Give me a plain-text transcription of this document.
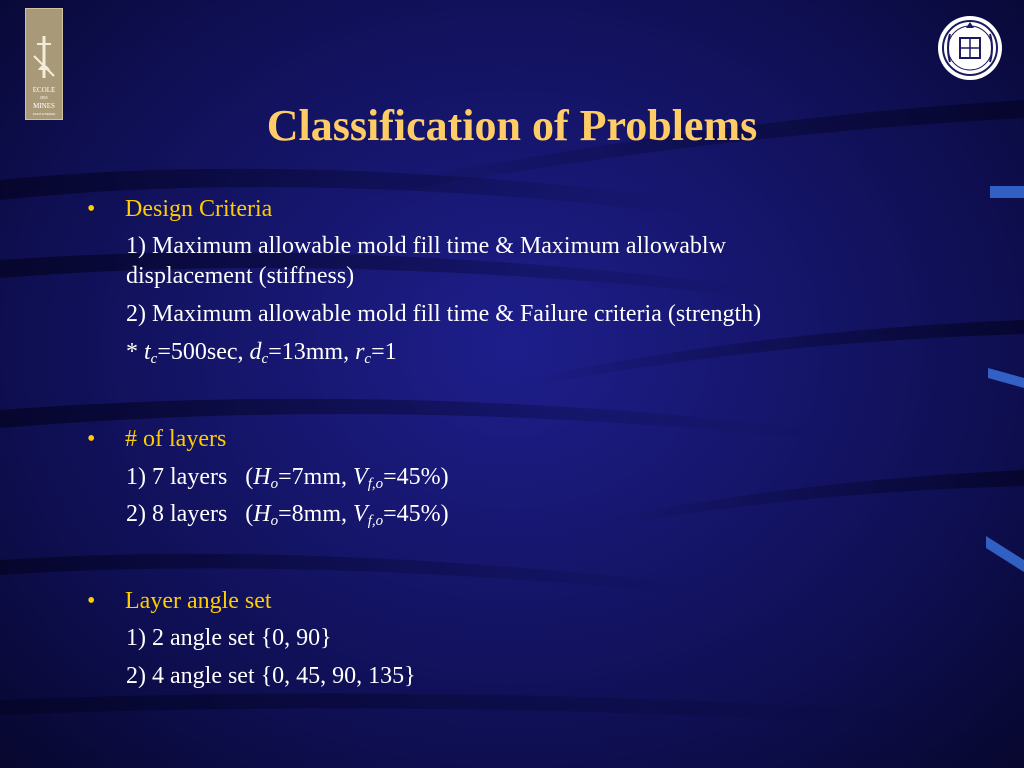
ECOLE
DES
MINES
SAINT-ETIENNE	Classification of Problems
• Design Criteria
1) Maximum allowable mold fill time & Maximum allowablw
displacement (stiffness)
2) Maximum allowable mold fill time & Failure criteria (strength)
* $t_c=500\sec$, $d_c=13mm$, $r_c=1$
• # of layers
1) 7 layers   ($H_o=7mm$, $V_{f,o}=45\%$)
2) 8 layers   ($H_o=8mm$, $V_{f,o}=45\%$)
• Layer angle set
1) 2 angle set {0, 90}
2) 4 angle set {0, 45, 90, 135}
